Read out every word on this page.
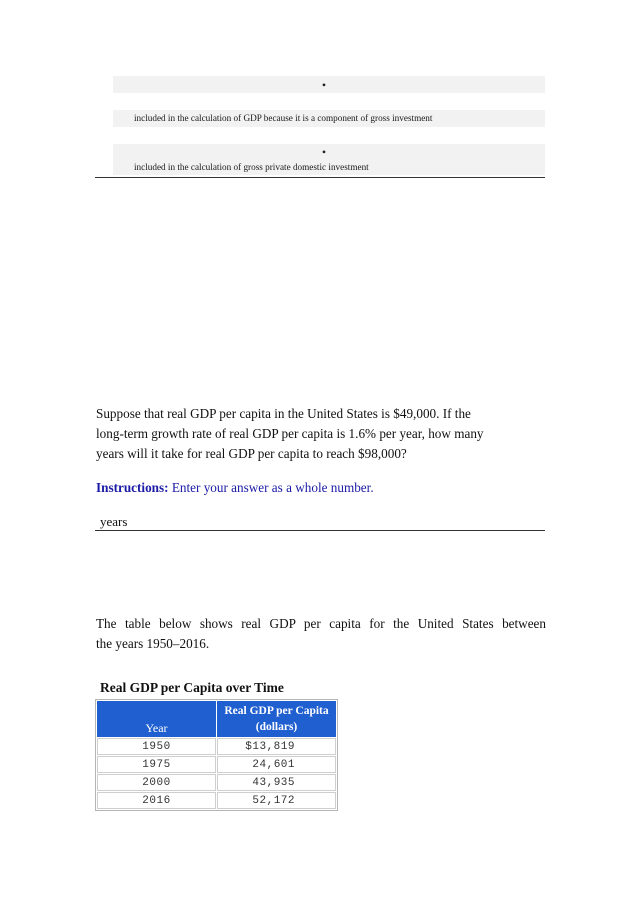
•
included in the calculation of GDP because it is a component of gross investment
•
included in the calculation of gross private domestic investment
Suppose that real GDP per capita in the United States is $49,000. If the
long-term growth rate of real GDP per capita is 1.6% per year, how many
years will it take for real GDP per capita to reach $98,000?
Instructions: Enter your answer as a whole number.
years
The table below shows real GDP per capita for the United States between
the years 1950–2016.
Real GDP per Capita over Time
Year	Real GDP per Capita
(dollars)
1950	$13,819
1975	24,601
2000	43,935
2016	52,172
